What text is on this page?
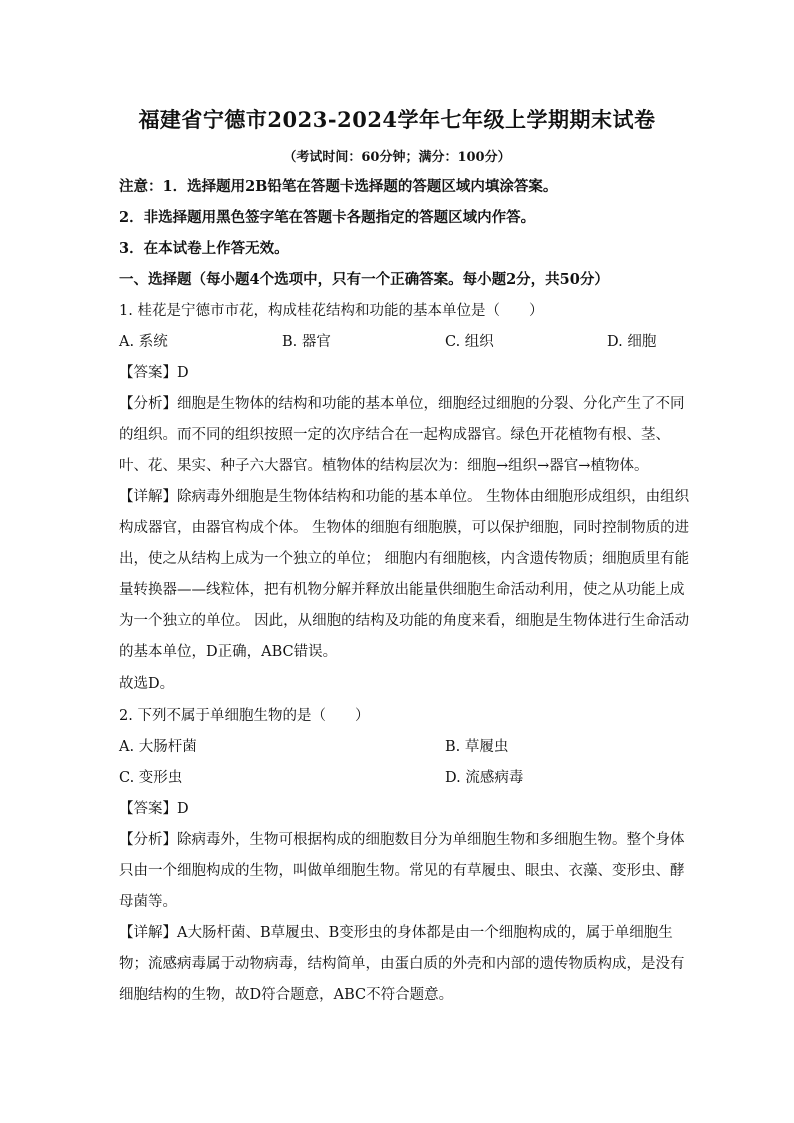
福建省宁德市2023-2024学年七年级上学期期末试卷
（考试时间：60分钟；满分：100分）
注意：1．选择题用2B铅笔在答题卡选择题的答题区域内填涂答案。
2．非选择题用黑色签字笔在答题卡各题指定的答题区域内作答。
3．在本试卷上作答无效。
一、选择题（每小题4个选项中，只有一个正确答案。每小题2分，共50分）
1. 桂花是宁德市市花，构成桂花结构和功能的基本单位是（　　）
A. 系统	B. 器官	C. 组织	D. 细胞
【答案】D
【分析】细胞是生物体的结构和功能的基本单位，细胞经过细胞的分裂、分化产生了不同
的组织。而不同的组织按照一定的次序结合在一起构成器官。绿色开花植物有根、茎、
叶、花、果实、种子六大器官。植物体的结构层次为：细胞→组织→器官→植物体。
【详解】除病毒外细胞是生物体结构和功能的基本单位。 生物体由细胞形成组织，由组织
构成器官，由器官构成个体。 生物体的细胞有细胞膜，可以保护细胞，同时控制物质的进
出，使之从结构上成为一个独立的单位； 细胞内有细胞核，内含遗传物质；细胞质里有能
量转换器——线粒体，把有机物分解并释放出能量供细胞生命活动利用，使之从功能上成
为一个独立的单位。 因此，从细胞的结构及功能的角度来看，细胞是生物体进行生命活动
的基本单位，D正确，ABC错误。
故选D。
2. 下列不属于单细胞生物的是（　　）
A. 大肠杆菌	B. 草履虫
C. 变形虫	D. 流感病毒
【答案】D
【分析】除病毒外，生物可根据构成的细胞数目分为单细胞生物和多细胞生物。整个身体
只由一个细胞构成的生物，叫做单细胞生物。常见的有草履虫、眼虫、衣藻、变形虫、酵
母菌等。
【详解】A大肠杆菌、B草履虫、B变形虫的身体都是由一个细胞构成的，属于单细胞生
物；流感病毒属于动物病毒，结构简单，由蛋白质的外壳和内部的遗传物质构成，是没有
细胞结构的生物，故D符合题意，ABC不符合题意。
